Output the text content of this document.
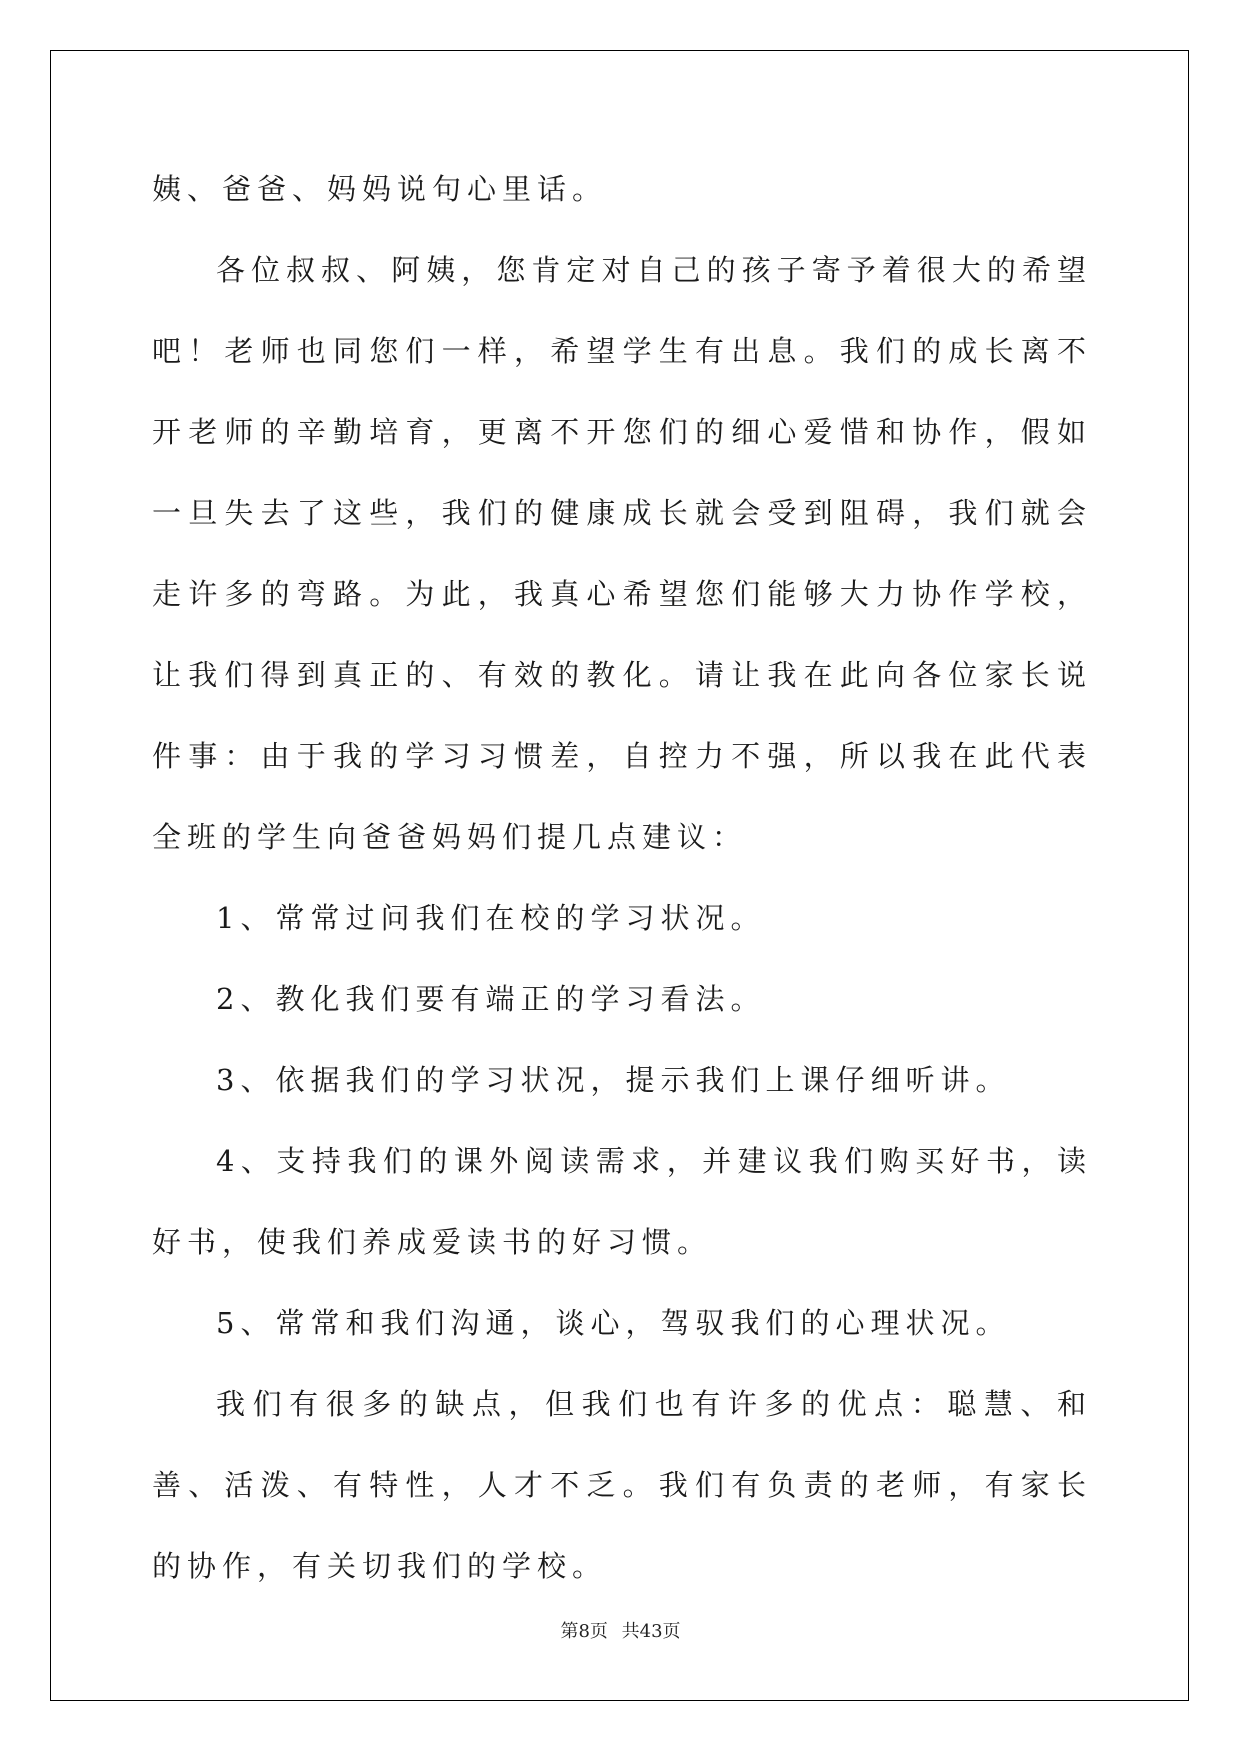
姨、爸爸、妈妈说句心里话。

各位叔叔、阿姨，您肯定对自己的孩子寄予着很大的希望吧！老师也同您们一样，希望学生有出息。我们的成长离不开老师的辛勤培育，更离不开您们的细心爱惜和协作，假如一旦失去了这些，我们的健康成长就会受到阻碍，我们就会走许多的弯路。为此，我真心希望您们能够大力协作学校，让我们得到真正的、有效的教化。请让我在此向各位家长说件事：由于我的学习习惯差，自控力不强，所以我在此代表全班的学生向爸爸妈妈们提几点建议：

1、常常过问我们在校的学习状况。

2、教化我们要有端正的学习看法。

3、依据我们的学习状况，提示我们上课仔细听讲。

4、支持我们的课外阅读需求，并建议我们购买好书，读好书，使我们养成爱读书的好习惯。

5、常常和我们沟通，谈心，驾驭我们的心理状况。

我们有很多的缺点，但我们也有许多的优点：聪慧、和善、活泼、有特性，人才不乏。我们有负责的老师，有家长的协作，有关切我们的学校。

第8页 共43页
